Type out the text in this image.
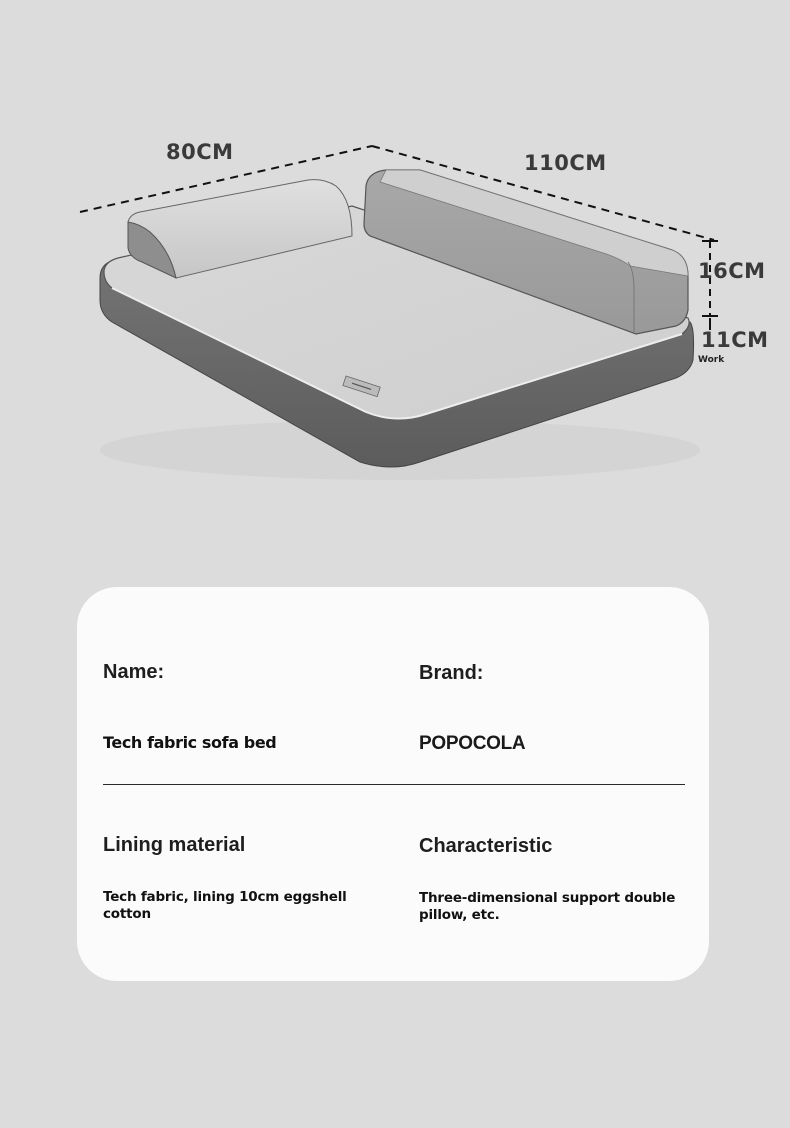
80CM	110CM
16CM
11CM
Work
Name:
Tech fabric sofa bed
Brand:
POPOCOLA
Lining material
Tech fabric, lining 10cm eggshell
cotton
Characteristic
Three-dimensional support double
pillow, etc.
